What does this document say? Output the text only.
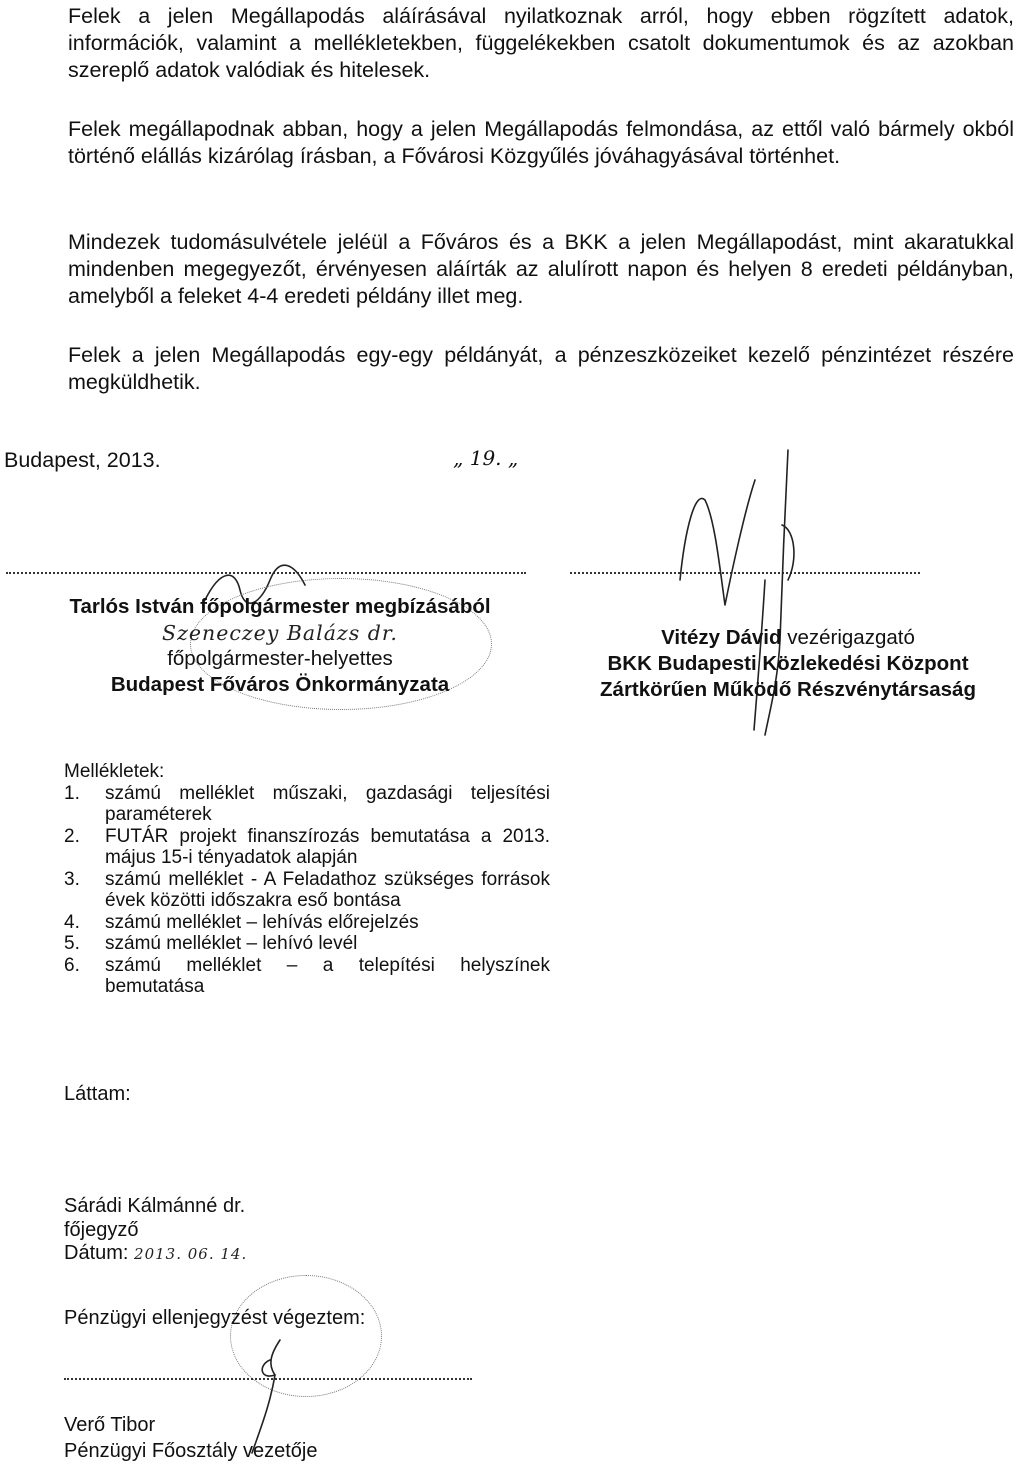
Felek a jelen Megállapodás aláírásával nyilatkoznak arról, hogy ebben rögzített adatok, információk, valamint a mellékletekben, függelékekben csatolt dokumentumok és az azokban szereplő adatok valódiak és hitelesek.

Felek megállapodnak abban, hogy a jelen Megállapodás felmondása, az ettől való bármely okból történő elállás kizárólag írásban, a Fővárosi Közgyűlés jóváhagyásával történhet.

Mindezek tudomásulvétele jeléül a Főváros és a BKK a jelen Megállapodást, mint akaratukkal mindenben megegyezőt, érvényesen aláírták az alulírott napon és helyen 8 eredeti példányban, amelyből a feleket 4-4 eredeti példány illet meg.

Felek a jelen Megállapodás egy-egy példányát, a pénzeszközeiket kezelő pénzintézet részére megküldhetik.

Budapest, 2013.	„ 19. „
Tarlós István főpolgármester megbízásából
Szeneczey Balázs dr.
főpolgármester-helyettes
Budapest Főváros Önkormányzata
Vitézy Dávid vezérigazgató
BKK Budapesti Közlekedési Központ
Zártkörűen Működő Részvénytársaság
Mellékletek:
1. számú melléklet műszaki, gazdasági teljesítési paraméterek
2. FUTÁR projekt finanszírozás bemutatása a 2013. május 15-i tényadatok alapján
3. számú melléklet - A Feladathoz szükséges források évek közötti időszakra eső bontása
4. számú melléklet – lehívás előrejelzés
5. számú melléklet – lehívó levél
6. számú melléklet – a telepítési helyszínek bemutatása
Láttam:
Sárádi Kálmánné dr.
főjegyző
Dátum: 2013. 06. 14.
Pénzügyi ellenjegyzést végeztem:
Verő Tibor
Pénzügyi Főosztály vezetője
